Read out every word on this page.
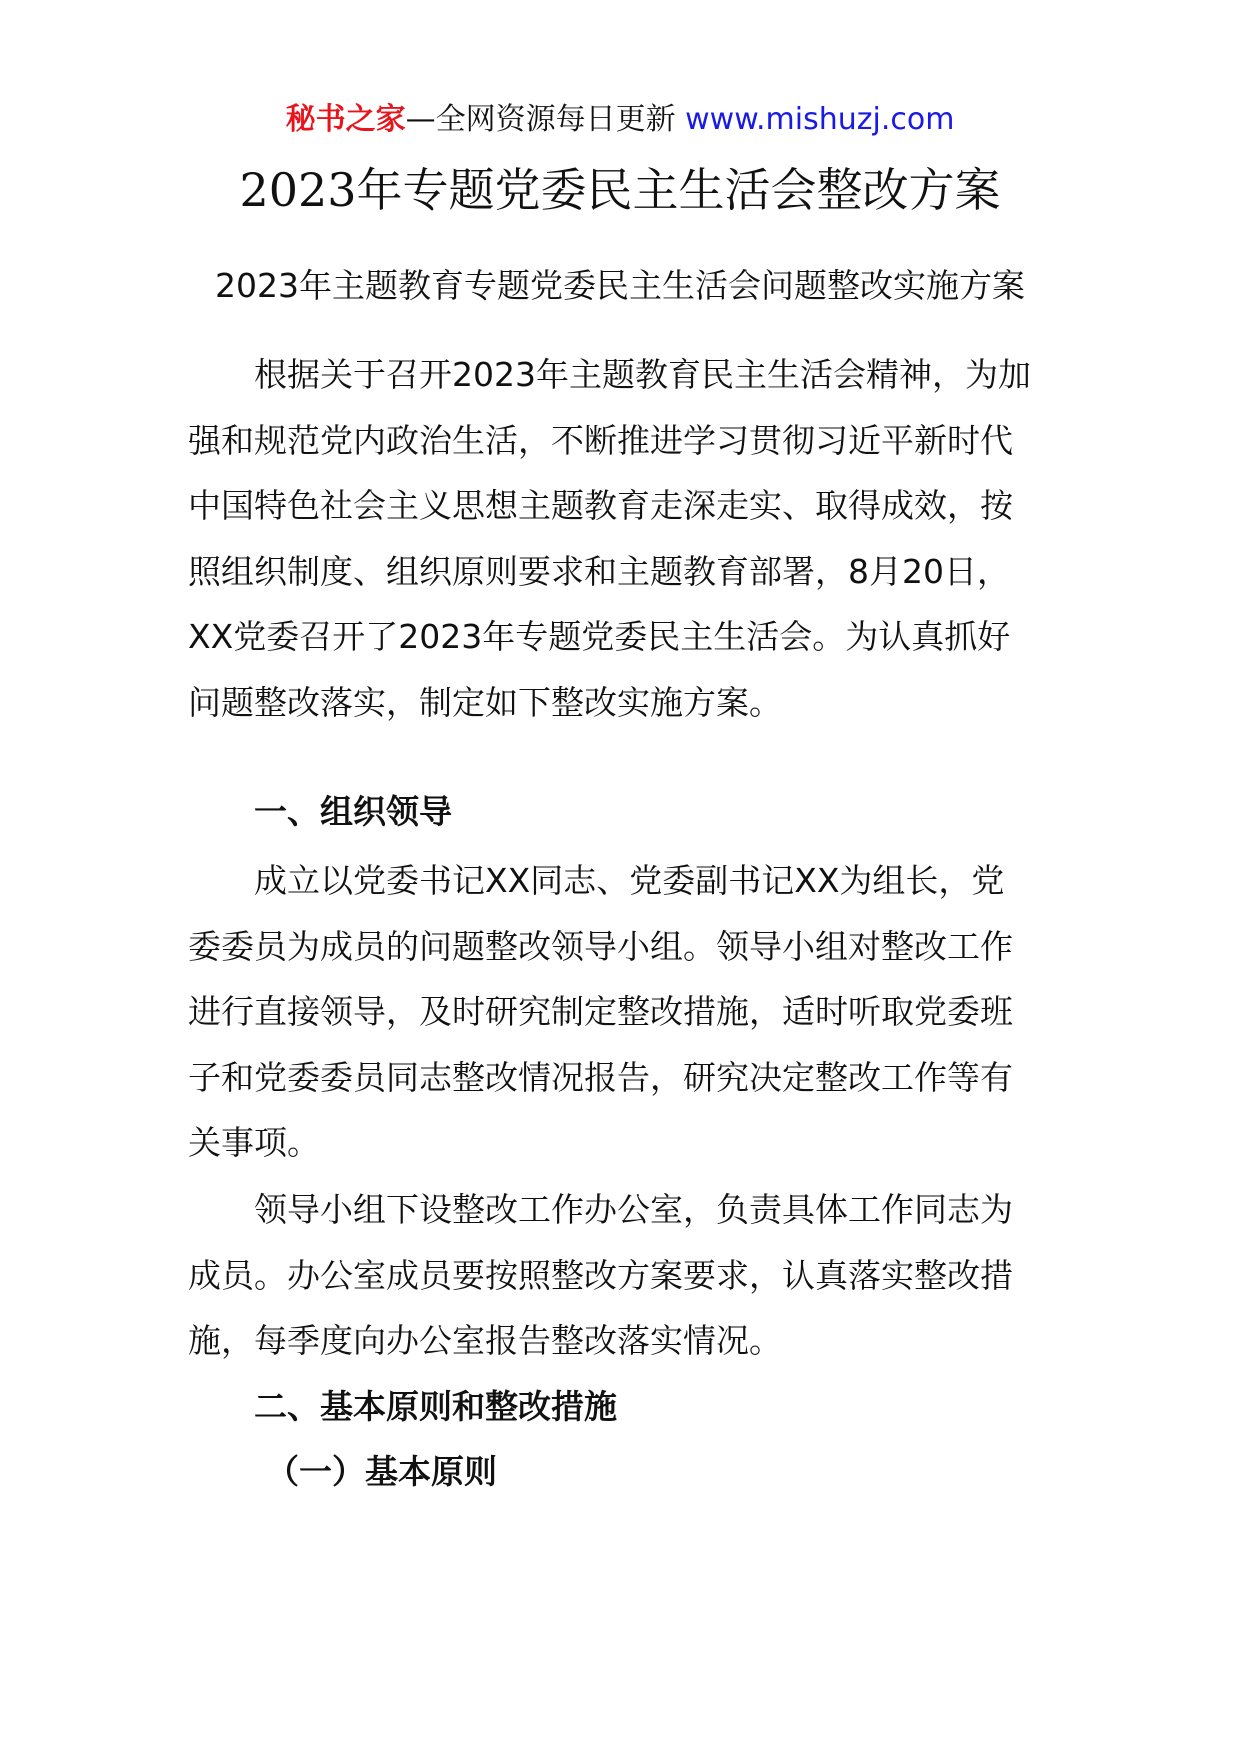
秘书之家—全网资源每日更新 www.mishuzj.com
2023年专题党委民主生活会整改方案
2023年主题教育专题党委民主生活会问题整改实施方案

根据关于召开2023年主题教育民主生活会精神，为加
强和规范党内政治生活，不断推进学习贯彻习近平新时代
中国特色社会主义思想主题教育走深走实、取得成效，按
照组织制度、组织原则要求和主题教育部署，8月20日，
XX党委召开了2023年专题党委民主生活会。为认真抓好
问题整改落实，制定如下整改实施方案。

一、组织领导

成立以党委书记XX同志、党委副书记XX为组长，党
委委员为成员的问题整改领导小组。领导小组对整改工作
进行直接领导，及时研究制定整改措施，适时听取党委班
子和党委委员同志整改情况报告，研究决定整改工作等有
关事项。

领导小组下设整改工作办公室，负责具体工作同志为
成员。办公室成员要按照整改方案要求，认真落实整改措
施，每季度向办公室报告整改落实情况。

二、基本原则和整改措施
（一）基本原则
